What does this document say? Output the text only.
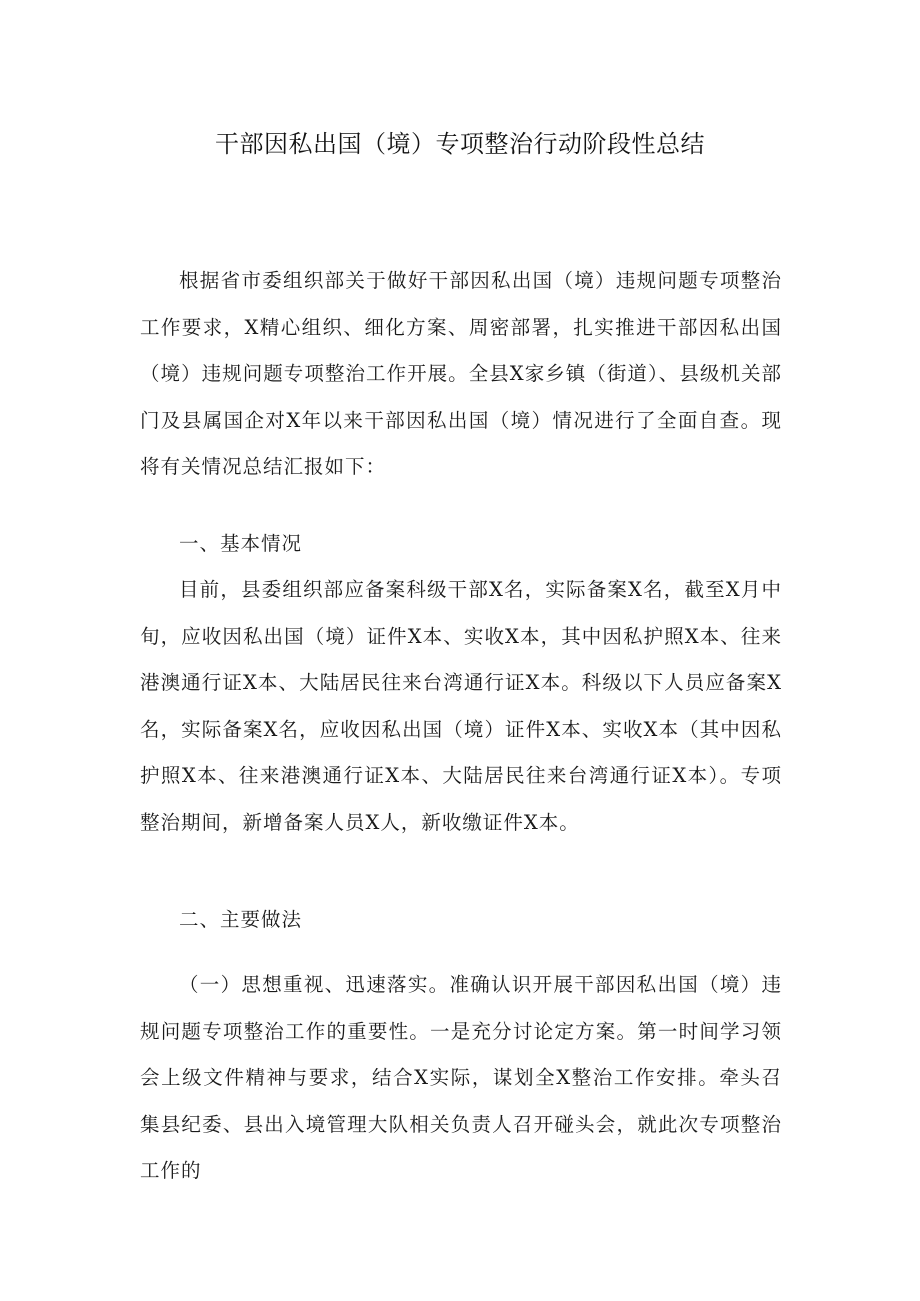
干部因私出国（境）专项整治行动阶段性总结

根据省市委组织部关于做好干部因私出国（境）违规问题专项整治工作要求，X精心组织、细化方案、周密部署，扎实推进干部因私出国（境）违规问题专项整治工作开展。全县X家乡镇（街道）、县级机关部门及县属国企对X年以来干部因私出国（境）情况进行了全面自查。现将有关情况总结汇报如下：

一、基本情况

目前，县委组织部应备案科级干部X名，实际备案X名，截至X月中旬，应收因私出国（境）证件X本、实收X本，其中因私护照X本、往来港澳通行证X本、大陆居民往来台湾通行证X本。科级以下人员应备案X名，实际备案X名，应收因私出国（境）证件X本、实收X本（其中因私护照X本、往来港澳通行证X本、大陆居民往来台湾通行证X本）。专项整治期间，新增备案人员X人，新收缴证件X本。

二、主要做法

（一）思想重视、迅速落实。准确认识开展干部因私出国（境）违规问题专项整治工作的重要性。一是充分讨论定方案。第一时间学习领会上级文件精神与要求，结合X实际，谋划全X整治工作安排。牵头召集县纪委、县出入境管理大队相关负责人召开碰头会，就此次专项整治工作的
